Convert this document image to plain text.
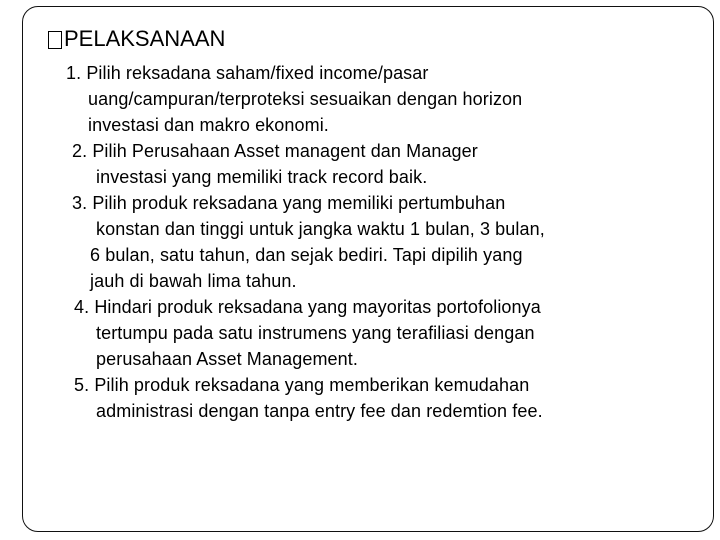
PELAKSANAAN
1. Pilih reksadana saham/fixed income/pasar
uang/campuran/terproteksi sesuaikan dengan horizon
investasi dan makro ekonomi.
2. Pilih Perusahaan Asset managent dan Manager
investasi yang memiliki track record baik.
3. Pilih produk reksadana yang memiliki pertumbuhan
konstan dan tinggi untuk jangka waktu 1 bulan, 3 bulan,
6 bulan, satu tahun, dan sejak bediri. Tapi dipilih yang
jauh di bawah lima tahun.
4. Hindari produk reksadana yang mayoritas portofolionya
tertumpu pada satu instrumens yang terafiliasi dengan
perusahaan Asset Management.
5. Pilih produk reksadana yang memberikan kemudahan
administrasi dengan tanpa entry fee dan redemtion fee.
